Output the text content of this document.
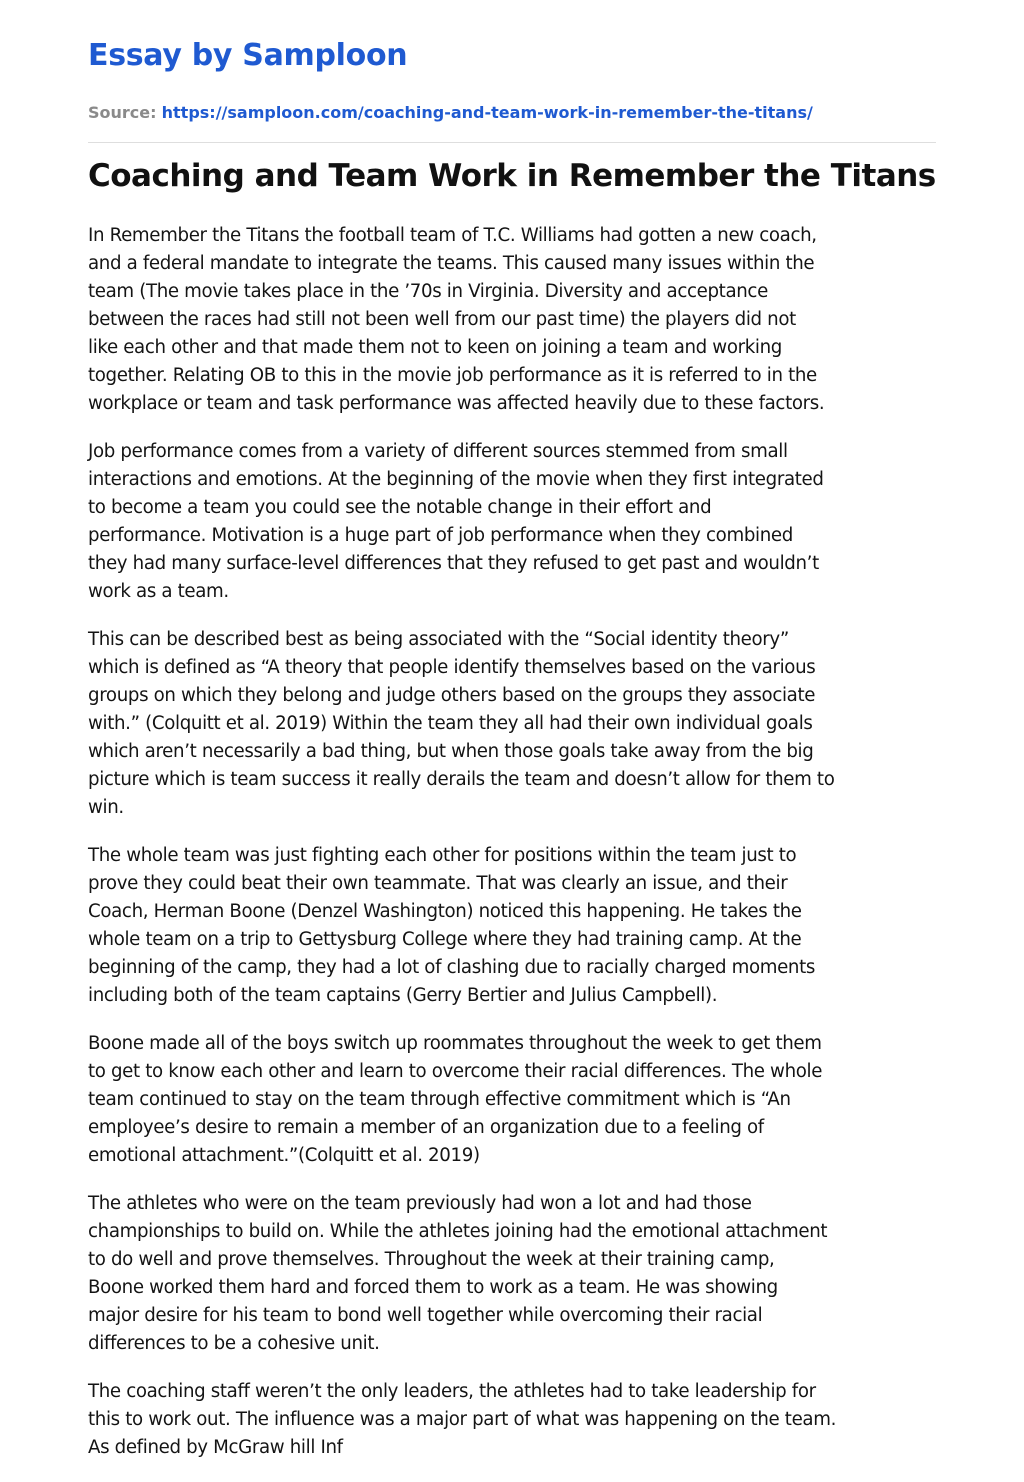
Essay by Samploon
Source: https://samploon.com/coaching-and-team-work-in-remember-the-titans/
Coaching and Team Work in Remember the Titans

In Remember the Titans the football team of T.C. Williams had gotten a new coach,
and a federal mandate to integrate the teams. This caused many issues within the
team (The movie takes place in the ’70s in Virginia. Diversity and acceptance
between the races had still not been well from our past time) the players did not
like each other and that made them not to keen on joining a team and working
together. Relating OB to this in the movie job performance as it is referred to in the
workplace or team and task performance was affected heavily due to these factors.

Job performance comes from a variety of different sources stemmed from small
interactions and emotions. At the beginning of the movie when they first integrated
to become a team you could see the notable change in their effort and
performance. Motivation is a huge part of job performance when they combined
they had many surface-level differences that they refused to get past and wouldn’t
work as a team.

This can be described best as being associated with the “Social identity theory”
which is defined as “A theory that people identify themselves based on the various
groups on which they belong and judge others based on the groups they associate
with.” (Colquitt et al. 2019) Within the team they all had their own individual goals
which aren’t necessarily a bad thing, but when those goals take away from the big
picture which is team success it really derails the team and doesn’t allow for them to
win.

The whole team was just fighting each other for positions within the team just to
prove they could beat their own teammate. That was clearly an issue, and their
Coach, Herman Boone (Denzel Washington) noticed this happening. He takes the
whole team on a trip to Gettysburg College where they had training camp. At the
beginning of the camp, they had a lot of clashing due to racially charged moments
including both of the team captains (Gerry Bertier and Julius Campbell).

Boone made all of the boys switch up roommates throughout the week to get them
to get to know each other and learn to overcome their racial differences. The whole
team continued to stay on the team through effective commitment which is “An
employee’s desire to remain a member of an organization due to a feeling of
emotional attachment.”(Colquitt et al. 2019)

The athletes who were on the team previously had won a lot and had those
championships to build on. While the athletes joining had the emotional attachment
to do well and prove themselves. Throughout the week at their training camp,
Boone worked them hard and forced them to work as a team. He was showing
major desire for his team to bond well together while overcoming their racial
differences to be a cohesive unit.

The coaching staff weren’t the only leaders, the athletes had to take leadership for
this to work out. The influence was a major part of what was happening on the team.
As defined by McGraw hill Inf
